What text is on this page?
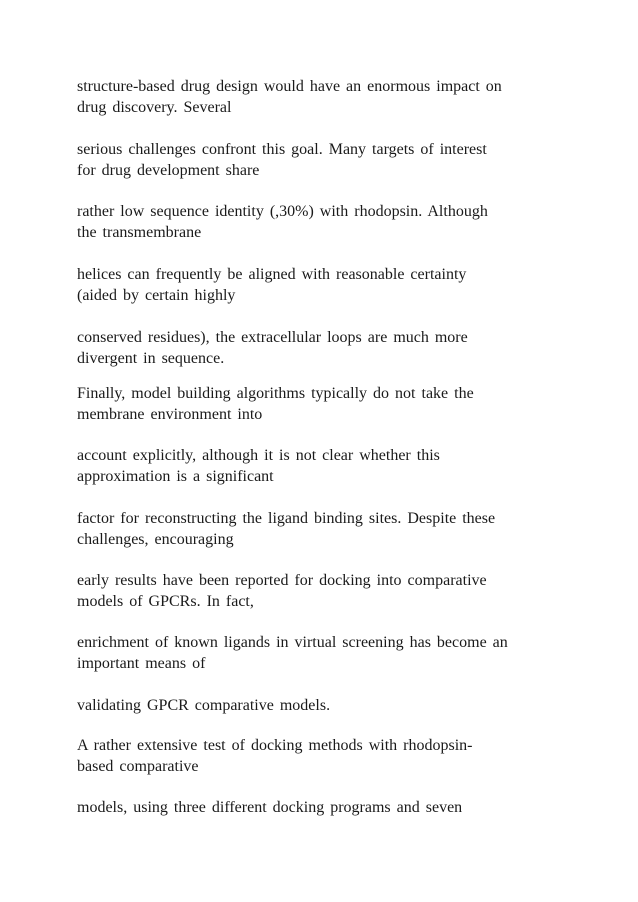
structure-based drug design would have an enormous impact on
drug discovery. Several

serious challenges confront this goal. Many targets of interest
for drug development share

rather low sequence identity (,30%) with rhodopsin. Although
the transmembrane

helices can frequently be aligned with reasonable certainty
(aided by certain highly

conserved residues), the extracellular loops are much more
divergent in sequence.

Finally, model building algorithms typically do not take the
membrane environment into

account explicitly, although it is not clear whether this
approximation is a significant

factor for reconstructing the ligand binding sites. Despite these
challenges, encouraging

early results have been reported for docking into comparative
models of GPCRs. In fact,

enrichment of known ligands in virtual screening has become an
important means of

validating GPCR comparative models.

A rather extensive test of docking methods with rhodopsin-
based comparative

models, using three different docking programs and seven
